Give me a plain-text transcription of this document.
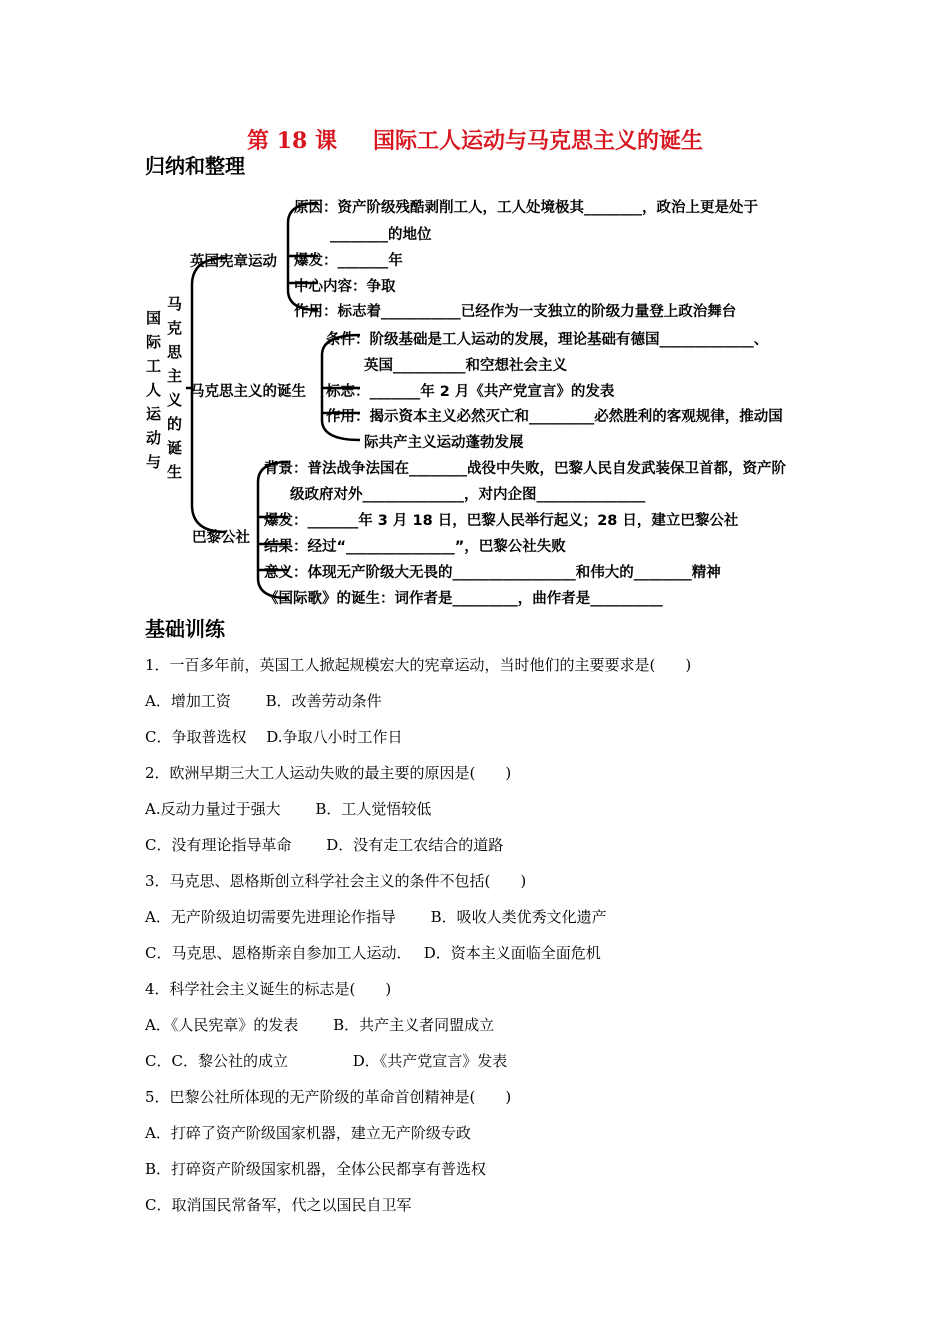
第 18 课 国际工人运动与马克思主义的诞生
归纳和整理
国际工人运动与 马克思主义的诞生
英国宪章运动
马克思主义的诞生
巴黎公社
原因：资产阶级残酷剥削工人，工人处境极其________，政治上更是处于
________的地位
爆发：_______年
中心内容：争取
作用：标志着___________已经作为一支独立的阶级力量登上政治舞台
条件：阶级基础是工人运动的发展，理论基础有德国_____________、
英国__________和空想社会主义
标志：_______年 2 月《共产党宣言》的发表
作用：揭示资本主义必然灭亡和_________必然胜利的客观规律，推动国
际共产主义运动蓬勃发展
背景：普法战争法国在________战役中失败，巴黎人民自发武装保卫首都，资产阶
级政府对外______________，对内企图_______________
爆发：_______年 3 月 18 日，巴黎人民举行起义；28 日，建立巴黎公社
结果：经过“_______________”，巴黎公社失败
意义：体现无产阶级大无畏的_________________和伟大的________精神
《国际歌》的诞生：词作者是_________，曲作者是__________
基础训练
1．一百多年前，英国工人掀起规模宏大的宪章运动，当时他们的主要要求是(　　)
A．增加工资　　 B．改善劳动条件
C．争取普选权　 D.争取八小时工作日
2．欧洲早期三大工人运动失败的最主要的原因是(　　)
A.反动力量过于强大　　 B．工人觉悟较低
C．没有理论指导革命　　 D．没有走工农结合的道路
3．马克思、恩格斯创立科学社会主义的条件不包括(　　)
A．无产阶级迫切需要先进理论作指导　　 B．吸收人类优秀文化遗产
C．马克思、恩格斯亲自参加工人运动．　 D．资本主义面临全面危机
4．科学社会主义诞生的标志是(　　)
A．《人民宪章》的发表　　 B．共产主义者同盟成立
C．C．黎公社的成立　　　　 D．《共产党宣言》发表
5．巴黎公社所体现的无产阶级的革命首创精神是(　　)
A．打碎了资产阶级国家机器，建立无产阶级专政
B．打碎资产阶级国家机器，全体公民都享有普选权
C．取消国民常备军，代之以国民自卫军
